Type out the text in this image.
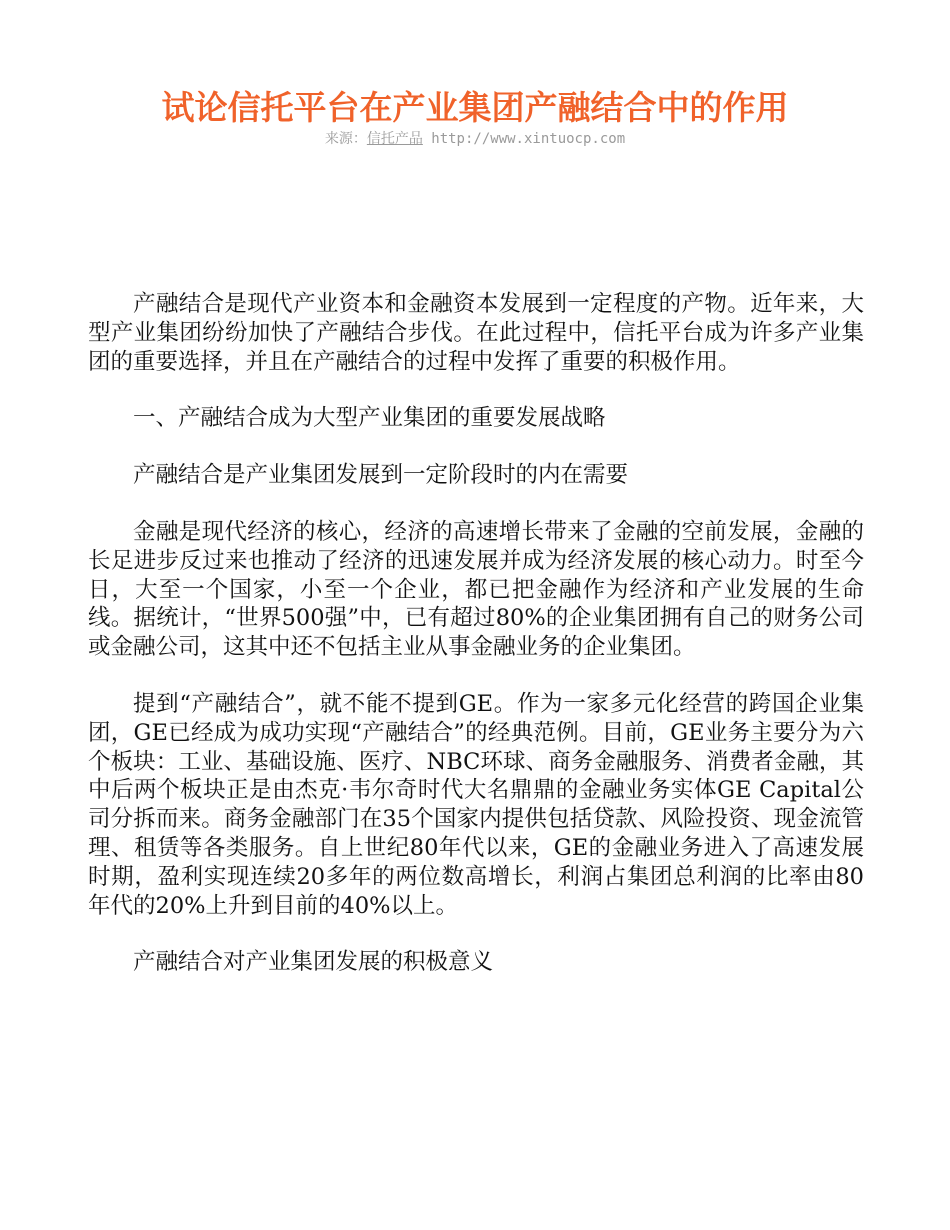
试论信托平台在产业集团产融结合中的作用
来源：信托产品 http://www.xintuocp.com

产融结合是现代产业资本和金融资本发展到一定程度的产物。近年来，大型产业集团纷纷加快了产融结合步伐。在此过程中，信托平台成为许多产业集团的重要选择，并且在产融结合的过程中发挥了重要的积极作用。

一、产融结合成为大型产业集团的重要发展战略

产融结合是产业集团发展到一定阶段时的内在需要

金融是现代经济的核心，经济的高速增长带来了金融的空前发展，金融的长足进步反过来也推动了经济的迅速发展并成为经济发展的核心动力。时至今日，大至一个国家，小至一个企业，都已把金融作为经济和产业发展的生命线。据统计，“世界500强”中，已有超过80%的企业集团拥有自己的财务公司或金融公司，这其中还不包括主业从事金融业务的企业集团。

提到“产融结合”，就不能不提到GE。作为一家多元化经营的跨国企业集团，GE已经成为成功实现“产融结合”的经典范例。目前，GE业务主要分为六个板块：工业、基础设施、医疗、NBC环球、商务金融服务、消费者金融，其中后两个板块正是由杰克·韦尔奇时代大名鼎鼎的金融业务实体GE Capital公司分拆而来。商务金融部门在35个国家内提供包括贷款、风险投资、现金流管理、租赁等各类服务。自上世纪80年代以来，GE的金融业务进入了高速发展时期，盈利实现连续20多年的两位数高增长，利润占集团总利润的比率由80年代的20%上升到目前的40%以上。

产融结合对产业集团发展的积极意义
